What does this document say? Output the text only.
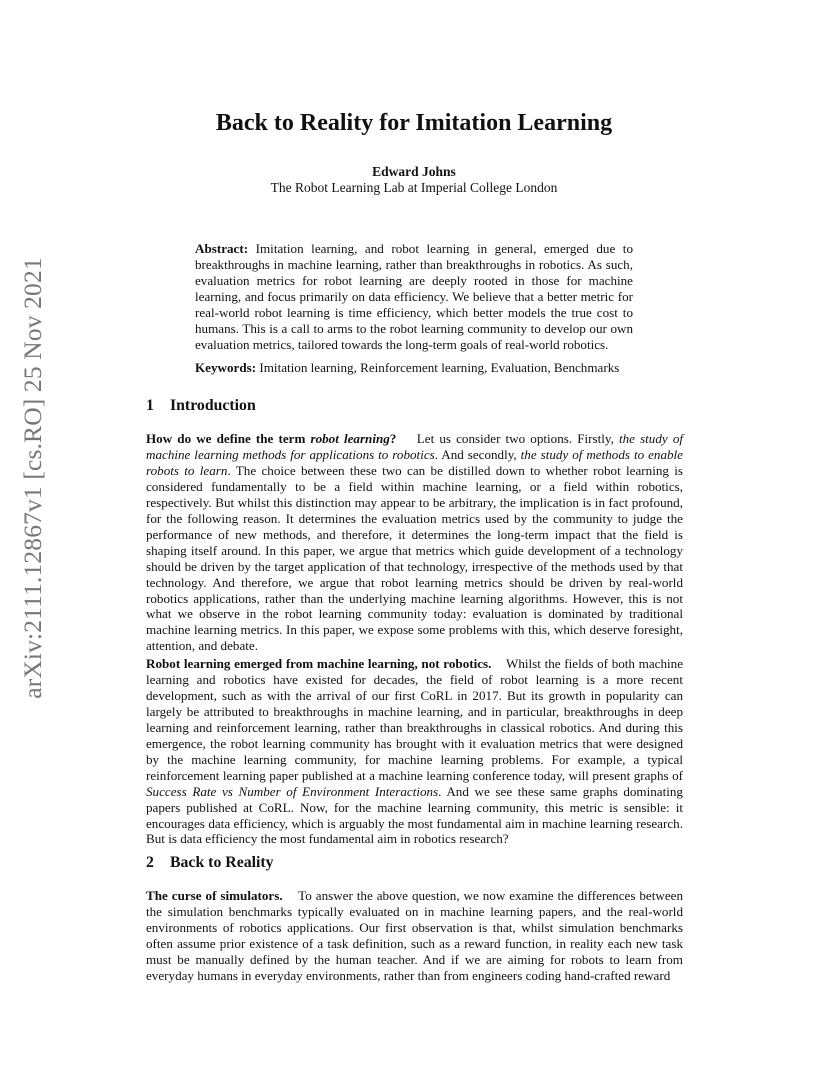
arXiv:2111.12867v1 [cs.RO] 25 Nov 2021
Back to Reality for Imitation Learning
Edward Johns
The Robot Learning Lab at Imperial College London
Abstract: Imitation learning, and robot learning in general, emerged due to breakthroughs in machine learning, rather than breakthroughs in robotics. As such, evaluation metrics for robot learning are deeply rooted in those for machine learning, and focus primarily on data efficiency. We believe that a better metric for real-world robot learning is time efficiency, which better models the true cost to humans. This is a call to arms to the robot learning community to develop our own evaluation metrics, tailored towards the long-term goals of real-world robotics.
Keywords: Imitation learning, Reinforcement learning, Evaluation, Benchmarks
1 Introduction
How do we define the term robot learning? Let us consider two options. Firstly, the study of machine learning methods for applications to robotics. And secondly, the study of methods to enable robots to learn. The choice between these two can be distilled down to whether robot learning is considered fundamentally to be a field within machine learning, or a field within robotics, respectively. But whilst this distinction may appear to be arbitrary, the implication is in fact profound, for the following reason. It determines the evaluation metrics used by the community to judge the performance of new methods, and therefore, it determines the long-term impact that the field is shaping itself around. In this paper, we argue that metrics which guide development of a technology should be driven by the target application of that technology, irrespective of the methods used by that technology. And therefore, we argue that robot learning metrics should be driven by real-world robotics applications, rather than the underlying machine learning algorithms. However, this is not what we observe in the robot learning community today: evaluation is dominated by traditional machine learning metrics. In this paper, we expose some problems with this, which deserve foresight, attention, and debate.
Robot learning emerged from machine learning, not robotics. Whilst the fields of both machine learning and robotics have existed for decades, the field of robot learning is a more recent development, such as with the arrival of our first CoRL in 2017. But its growth in popularity can largely be attributed to breakthroughs in machine learning, and in particular, breakthroughs in deep learning and reinforcement learning, rather than breakthroughs in classical robotics. And during this emergence, the robot learning community has brought with it evaluation metrics that were designed by the machine learning community, for machine learning problems. For example, a typical reinforcement learning paper published at a machine learning conference today, will present graphs of Success Rate vs Number of Environment Interactions. And we see these same graphs dominating papers published at CoRL. Now, for the machine learning community, this metric is sensible: it encourages data efficiency, which is arguably the most fundamental aim in machine learning research. But is data efficiency the most fundamental aim in robotics research?
2 Back to Reality
The curse of simulators. To answer the above question, we now examine the differences between the simulation benchmarks typically evaluated on in machine learning papers, and the real-world environments of robotics applications. Our first observation is that, whilst simulation benchmarks often assume prior existence of a task definition, such as a reward function, in reality each new task must be manually defined by the human teacher. And if we are aiming for robots to learn from everyday humans in everyday environments, rather than from engineers coding hand-crafted reward
